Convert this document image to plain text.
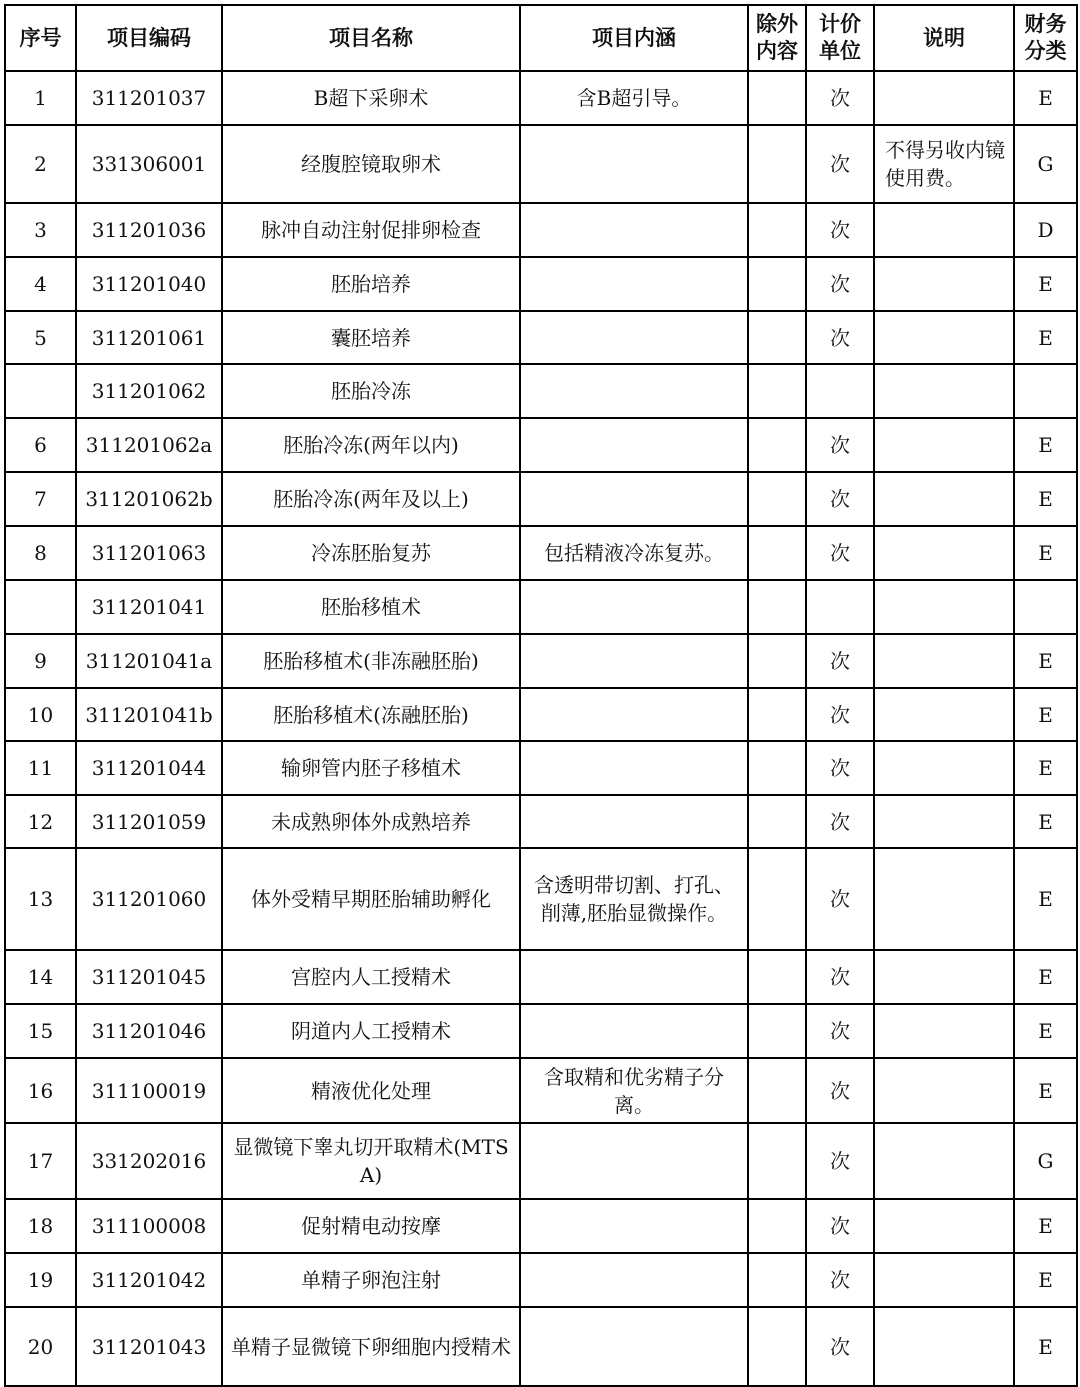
序号	项目编码	项目名称	项目内涵	除外内容	计价单位	说明	财务分类
1	311201037	B超下采卵术	含B超引导。		次		E
2	331306001	经腹腔镜取卵术			次	不得另收内镜使用费。	G
3	311201036	脉冲自动注射促排卵检查			次		D
4	311201040	胚胎培养			次		E
5	311201061	囊胚培养			次		E
	311201062	胚胎冷冻					
6	311201062a	胚胎冷冻(两年以内)			次		E
7	311201062b	胚胎冷冻(两年及以上)			次		E
8	311201063	冷冻胚胎复苏	包括精液冷冻复苏。		次		E
	311201041	胚胎移植术					
9	311201041a	胚胎移植术(非冻融胚胎)			次		E
10	311201041b	胚胎移植术(冻融胚胎)			次		E
11	311201044	输卵管内胚子移植术			次		E
12	311201059	未成熟卵体外成熟培养			次		E
13	311201060	体外受精早期胚胎辅助孵化	含透明带切割、打孔、削薄,胚胎显微操作。		次		E
14	311201045	宫腔内人工授精术			次		E
15	311201046	阴道内人工授精术			次		E
16	311100019	精液优化处理	含取精和优劣精子分离。		次		E
17	331202016	显微镜下睾丸切开取精术(MTSA)			次		G
18	311100008	促射精电动按摩			次		E
19	311201042	单精子卵泡注射			次		E
20	311201043	单精子显微镜下卵细胞内授精术			次		E
